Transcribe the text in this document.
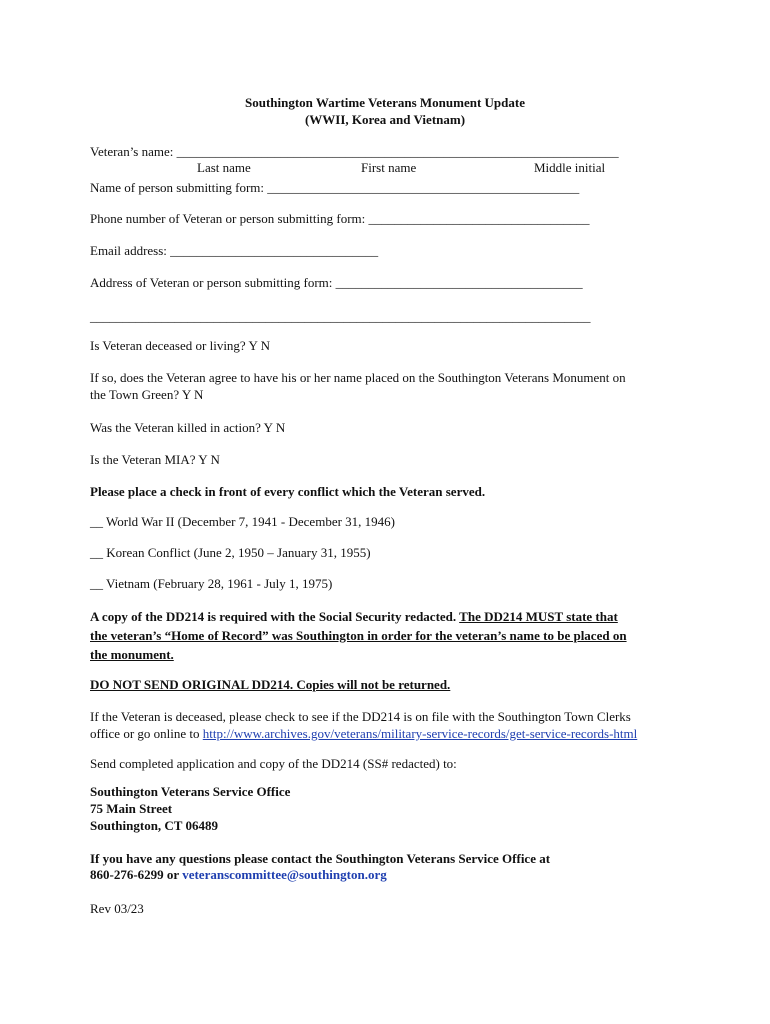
Southington Wartime Veterans Monument Update
(WWII, Korea and Vietnam)
Veteran’s name: ____________________________________________________________________
Last name	First name	Middle initial
Name of person submitting form: ________________________________________________
Phone number of Veteran or person submitting form: __________________________________
Email address: ________________________________
Address of Veteran or person submitting form: ______________________________________
_____________________________________________________________________________
Is Veteran deceased or living? Y N
If so, does the Veteran agree to have his or her name placed on the Southington Veterans Monument on
the Town Green? Y N
Was the Veteran killed in action? Y N
Is the Veteran MIA? Y N
Please place a check in front of every conflict which the Veteran served.
__ World War II (December 7, 1941 - December 31, 1946)
__ Korean Conflict (June 2, 1950 – January 31, 1955)
__ Vietnam (February 28, 1961 - July 1, 1975)
A copy of the DD214 is required with the Social Security redacted. The DD214 MUST state that
the veteran’s “Home of Record” was Southington in order for the veteran’s name to be placed on
the monument.
DO NOT SEND ORIGINAL DD214. Copies will not be returned.
If the Veteran is deceased, please check to see if the DD214 is on file with the Southington Town Clerks
office or go online to http://www.archives.gov/veterans/military-service-records/get-service-records-html
Send completed application and copy of the DD214 (SS# redacted) to:
Southington Veterans Service Office
75 Main Street
Southington, CT 06489
If you have any questions please contact the Southington Veterans Service Office at
860-276-6299 or veteranscommittee@southington.org
Rev 03/23
